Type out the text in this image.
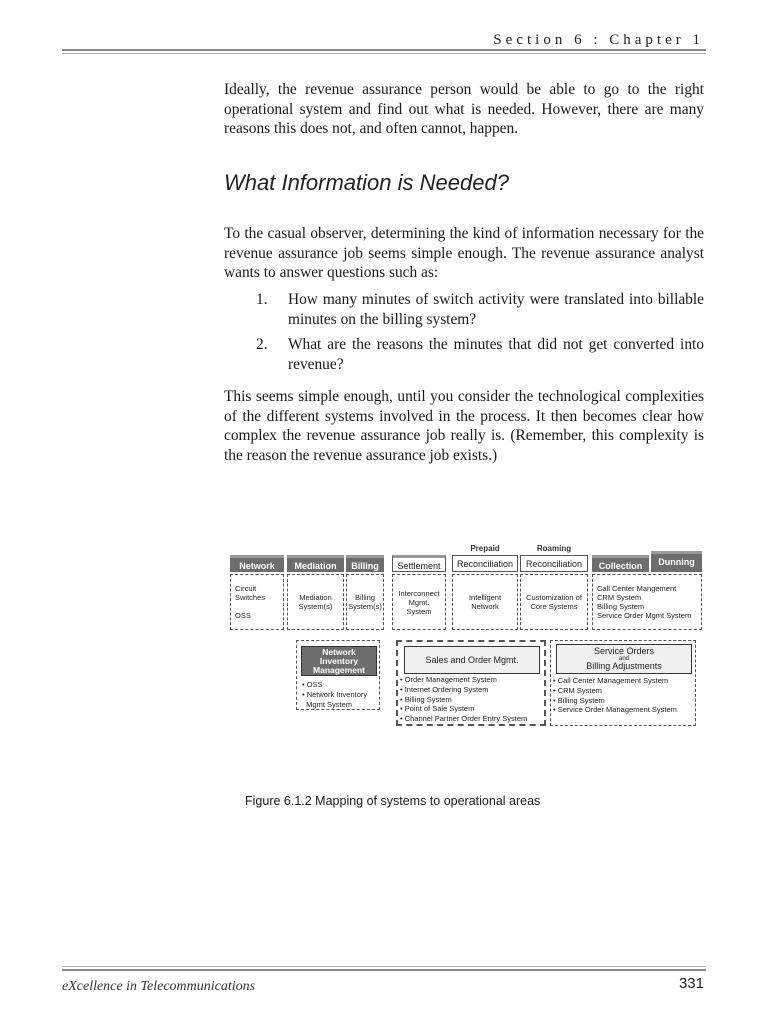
Section 6 : Chapter 1

Ideally, the revenue assurance person would be able to go to the right operational system and find out what is needed. However, there are many reasons this does not, and often cannot, happen.

What Information is Needed?

To the casual observer, determining the kind of information necessary for the revenue assurance job seems simple enough. The revenue assurance analyst wants to answer questions such as:

1. How many minutes of switch activity were translated into billable minutes on the billing system?
2. What are the reasons the minutes that did not get converted into revenue?

This seems simple enough, until you consider the technological complexities of the different systems involved in the process. It then becomes clear how complex the revenue assurance job really is. (Remember, this complexity is the reason the revenue assurance job exists.)

Network
Circuit
Switches

OSS
Mediation
Mediation
System(s)
Billing
Billing
System(s)
Settlement
Interconnect
Mgmt.
System
Prepaid
Reconciliation
Intelligent
Network
Roaming
Reconciliation
Customization of
Core Systems
Collection	Dunning
Call Center Mangement
CRM System
Billing System
Service Order Mgmt System
Network Inventory Management
• OSS
• Network Inventory
Mgmt System
Sales and Order Mgmt.
• Order Management System
• Internet Ordering System
• Billing System
• Point of Sale System
• Channel Partner Order Entry System
Service Orders
and
Billing Adjustments
• Call Center Management System
• CRM System
• Billing System
• Service Order Management System
Figure 6.1.2 Mapping of systems to operational areas
eXcellence in Telecommunications	331
